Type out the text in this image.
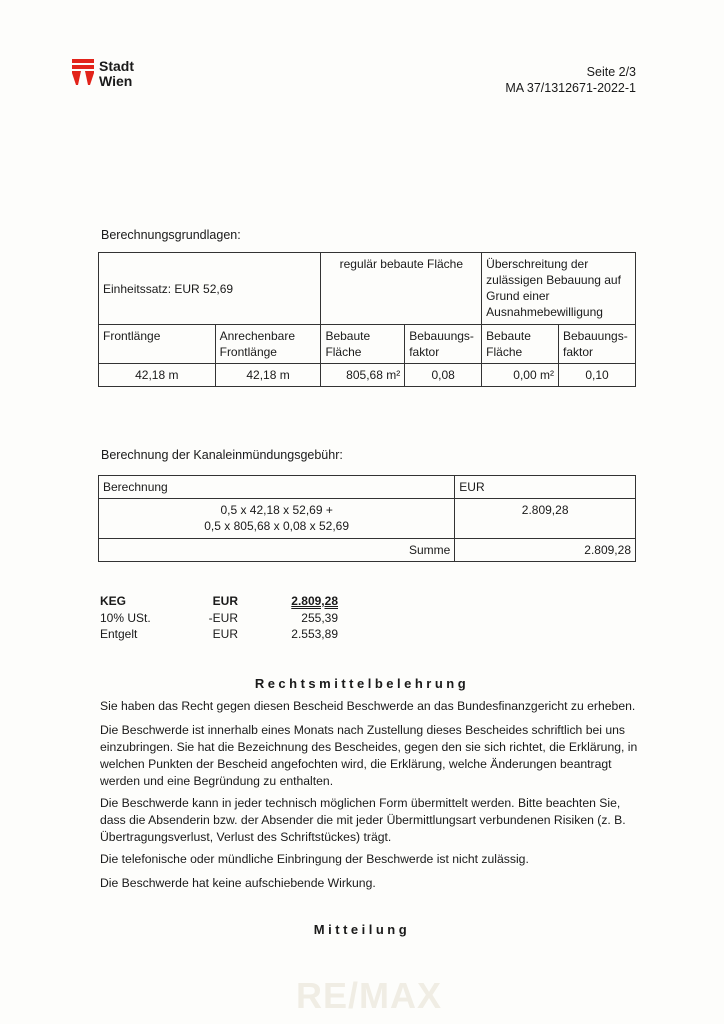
Stadt
Wien
Seite 2/3
MA 37/1312671-2022-1
Berechnungsgrundlagen:
Einheitssatz: EUR 52,69		regulär bebaute Fläche		Überschreitung der zulässigen Bebauung auf Grund einer Ausnahmebewilligung	
Frontlänge	Anrechenbare Frontlänge	Bebaute Fläche	Bebauungs-faktor	Bebaute Fläche	Bebauungs-faktor
42,18 m	42,18 m	805,68 m²	0,08	0,00 m²	0,10
Berechnung der Kanaleinmündungsgebühr:
Berechnung	EUR

0,5 x 42,18 x 52,69 +
0,5 x 805,68 x 0,08 x 52,69	2.809,28
Summe	2.809,28
KEG	EUR	2.809,28
10% USt.	-EUR	255,39
Entgelt	EUR	2.553,89
Rechtsmittelbelehrung
Sie haben das Recht gegen diesen Bescheid Beschwerde an das Bundesfinanzgericht zu erheben.
Die Beschwerde ist innerhalb eines Monats nach Zustellung dieses Bescheides schriftlich bei uns einzubringen. Sie hat die Bezeichnung des Bescheides, gegen den sie sich richtet, die Erklärung, in welchen Punkten der Bescheid angefochten wird, die Erklärung, welche Änderungen beantragt werden und eine Begründung zu enthalten.
Die Beschwerde kann in jeder technisch möglichen Form übermittelt werden. Bitte beachten Sie, dass die Absenderin bzw. der Absender die mit jeder Übermittlungsart verbundenen Risiken (z. B. Übertragungsverlust, Verlust des Schriftstückes) trägt.
Die telefonische oder mündliche Einbringung der Beschwerde ist nicht zulässig.
Die Beschwerde hat keine aufschiebende Wirkung.
Mitteilung
RE/MAX
